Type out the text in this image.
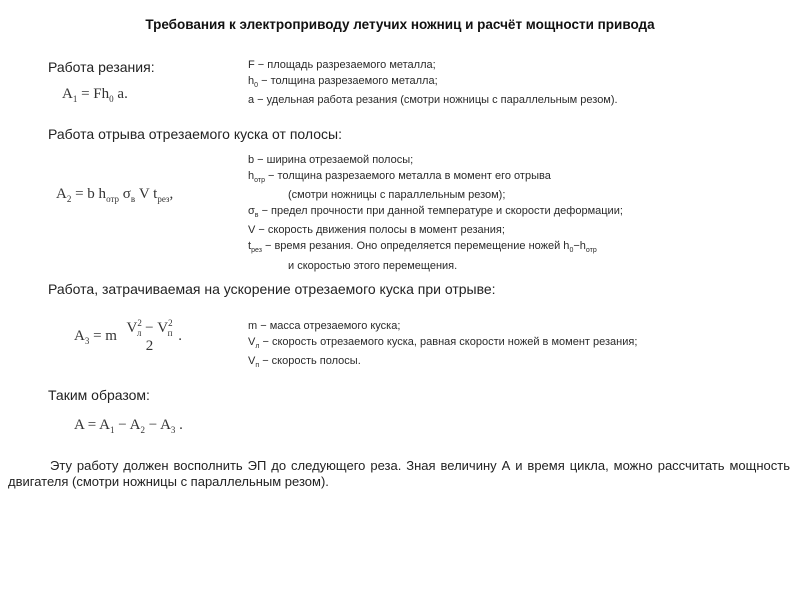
Требования к электроприводу летучих ножниц и расчёт мощности привода
Работа резания:
$A_1 = Fh_0$ a.
F − площадь разрезаемого металла;
$h_0$ − толщина разрезаемого металла;
a − удельная работа резания (смотри ножницы с параллельным резом).
Работа отрыва отрезаемого куска от полосы:
$A_2 = b$ $h_{отр}$ $\sigma_в$ V $t_{рез}$,
b − ширина отрезаемой полосы;
$h_{отр}$ − толщина разрезаемого металла в момент его отрыва
(смотри ножницы с параллельным резом);
$\sigma_в$ − предел прочности при данной температуре и скорости деформации;
V − скорость движения полосы в момент резания;
$t_{рез}$ − время резания. Оно определяется перемещение ножей $h_0-h_{отр}$
и скоростью этого перемещения.
Работа, затрачиваемая на ускорение отрезаемого куска при отрыве:
$A_3 = m$ $V^2_л - V^2_п$
2
.
m − масса отрезаемого куска;
$V_л$ − скорость отрезаемого куска, равная скорости ножей в момент резания;
$V_п$ − скорость полосы.
Таким образом:
$A = A_1 - A_2 - A_3$ .
Эту работу должен восполнить ЭП до следующего реза. Зная величину А и время цикла, можно рассчитать мощность двигателя (смотри ножницы с параллельным резом).
